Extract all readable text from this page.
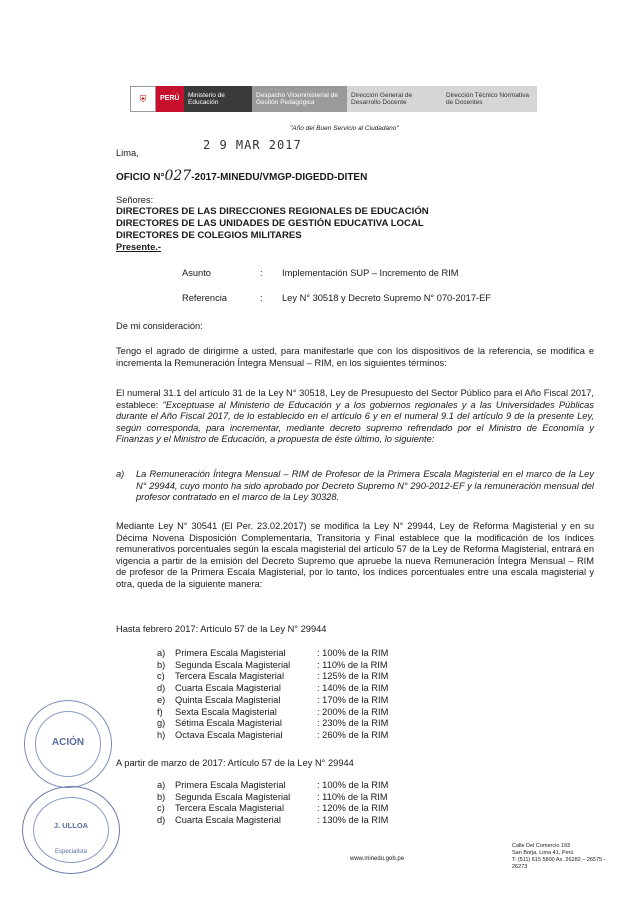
⛨	PERÚ
Ministerio de Educación
Despacho Viceministerial de Gestión Pedagógica
Dirección General de Desarrollo Docente
Dirección Técnico Normativa de Docentes
"Año del Buen Servicio al Ciudadano"
2 9 MAR 2017
Lima,
OFICIO N°027-2017-MINEDU/VMGP-DIGEDD-DITEN
Señores:
DIRECTORES DE LAS DIRECCIONES REGIONALES DE EDUCACIÓN
DIRECTORES DE LAS UNIDADES DE GESTIÓN EDUCATIVA LOCAL
DIRECTORES DE COLEGIOS MILITARES
Presente.-
Asunto	: Implementación SUP – Incremento de RIM
Referencia	: Ley N° 30518 y Decreto Supremo N° 070-2017-EF
De mi consideración:
Tengo el agrado de dirigirme a usted, para manifestarle que con los dispositivos de la referencia, se modifica e incrementa la Remuneración Íntegra Mensual – RIM, en los siguientes términos:
El numeral 31.1 del artículo 31 de la Ley N° 30518, Ley de Presupuesto del Sector Público para el Año Fiscal 2017, establece: "Exceptuase al Ministerio de Educación y a los gobiernos regionales y a las Universidades Públicas durante el Año Fiscal 2017, de lo establecido en el artículo 6 y en el numeral 9.1 del artículo 9 de la presente Ley, según corresponda, para incrementar, mediante decreto supremo refrendado por el Ministro de Economía y Finanzas y el Ministro de Educación, a propuesta de éste último, lo siguiente:
a)	La Remuneración Íntegra Mensual – RIM de Profesor de la Primera Escala Magisterial en el marco de la Ley N° 29944, cuyo monto ha sido aprobado por Decreto Supremo N° 290-2012-EF y la remuneración mensual del profesor contratado en el marco de la Ley 30328.
Mediante Ley N° 30541 (El Per. 23.02.2017) se modifica la Ley N° 29944, Ley de Reforma Magisterial y en su Décima Novena Disposición Complementaria, Transitoria y Final establece que la modificación de los índices remunerativos porcentuales según la escala magisterial del artículo 57 de la Ley de Reforma Magisterial, entrará en vigencia a partir de la emisión del Decreto Supremo que apruebe la nueva Remuneración Íntegra Mensual – RIM de profesor de la Primera Escala Magisterial, por lo tanto, los índices porcentuales entre una escala magisterial y otra, queda de la siguiente manera:
Hasta febrero 2017: Artículo 57 de la Ley N° 29944
a)	Primera Escala Magisterial	: 100% de la RIM
b)	Segunda Escala Magisterial	: 110% de la RIM
c)	Tercera Escala Magisterial	: 125% de la RIM
d)	Cuarta Escala Magisterial	: 140% de la RIM
e)	Quinta Escala Magisterial	: 170% de la RIM
f)	Sexta Escala Magisterial	: 200% de la RIM
g)	Sétima Escala Magisterial	: 230% de la RIM
h)	Octava Escala Magisterial	: 260% de la RIM
A partir de marzo de 2017: Artículo 57 de la Ley N° 29944
a)	Primera Escala Magisterial	: 100% de la RIM
b)	Segunda Escala Magisterial	: 110% de la RIM
c)	Tercera Escala Magisterial	: 120% de la RIM
d)	Cuarta Escala Magisterial	: 130% de la RIM
ACIÓN
J. ULLOA
Especialista
www.minedu.gob.pe
Calle Del Comercio 193
San Borja, Lima 41, Perú
T: (511) 615 5800 Ax. 26282 – 26575 -
26273
